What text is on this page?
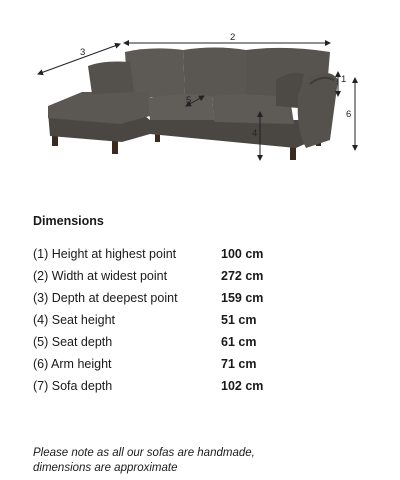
1
2
3
4
5
6
Dimensions
(1) Height at highest point	100 cm
(2) Width at widest point	272 cm
(3) Depth at deepest point	159 cm
(4) Seat height	51 cm
(5) Seat depth	61 cm
(6) Arm height	71 cm
(7) Sofa depth	102 cm

Please note as all our sofas are handmade,
dimensions are approximate
